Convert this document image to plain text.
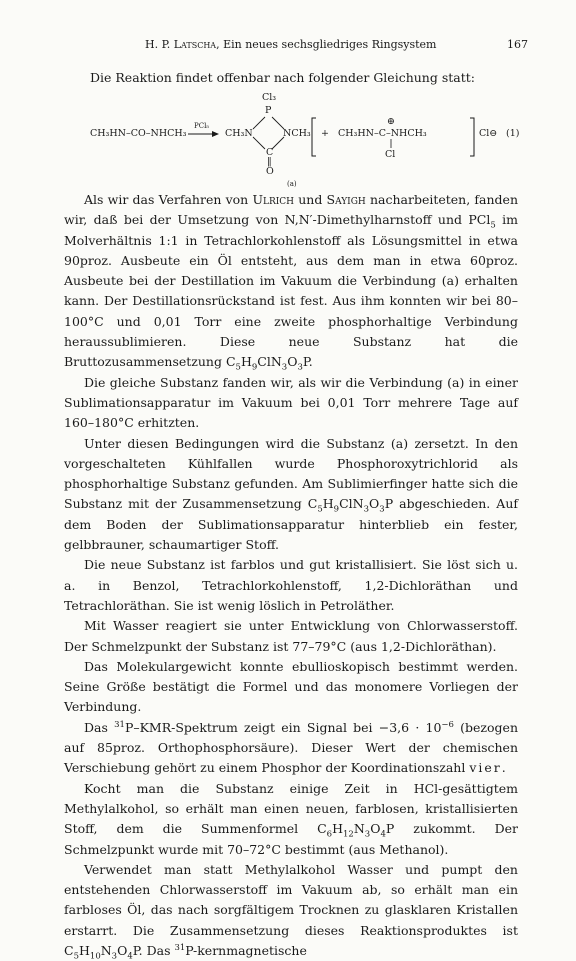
H. P. Latscha, Ein neues sechsgliedriges Ringsystem	167
Die Reaktion findet offenbar nach folgender Gleichung statt:
CH₃HN–CO–NHCH₃
PCl₅
Cl₃
P
CH₃N	NCH₃
C
‖
O
(a)
+
⊕
CH₃HN–C–NHCH₃
Cl
Cl⊖ (1)

Als wir das Verfahren von Ulrich und Sayigh nacharbeiteten, fanden wir, daß bei der Umsetzung von N,N′-Dimethylharnstoff und PCl$_5$ im Molverhältnis 1:1 in Tetrachlorkohlenstoff als Lösungsmittel in etwa 90proz. Ausbeute ein Öl entsteht, aus dem man in etwa 60proz. Ausbeute bei der Destillation im Vakuum die Verbindung (a) erhalten kann. Der Destillationsrückstand ist fest. Aus ihm konnten wir bei 80–100°C und 0,01 Torr eine zweite phosphorhaltige Verbindung heraussublimieren. Diese neue Substanz hat die Bruttozusammensetzung $C_5H_9ClN_3O_3P$.

Die gleiche Substanz fanden wir, als wir die Verbindung (a) in einer Sublimationsapparatur im Vakuum bei 0,01 Torr mehrere Tage auf 160–180°C erhitzten.

Unter diesen Bedingungen wird die Substanz (a) zersetzt. In den vorgeschalteten Kühlfallen wurde Phosphoroxytrichlorid als phosphorhaltige Substanz gefunden. Am Sublimierfinger hatte sich die Substanz mit der Zusammensetzung $C_5H_9ClN_3O_3P$ abgeschieden. Auf dem Boden der Sublimationsapparatur hinterblieb ein fester, gelbbrauner, schaumartiger Stoff.

Die neue Substanz ist farblos und gut kristallisiert. Sie löst sich u. a. in Benzol, Tetrachlorkohlenstoff, 1,2-Dichloräthan und Tetrachloräthan. Sie ist wenig löslich in Petroläther.

Mit Wasser reagiert sie unter Entwicklung von Chlorwasserstoff. Der Schmelzpunkt der Substanz ist 77–79°C (aus 1,2-Dichloräthan).

Das Molekulargewicht konnte ebullioskopisch bestimmt werden. Seine Größe bestätigt die Formel und das monomere Vorliegen der Verbindung.

Das $^{31}$P–KMR-Spektrum zeigt ein Signal bei $-3,6 \cdot 10^{-6}$ (bezogen auf 85proz. Orthophosphorsäure). Dieser Wert der chemischen Verschiebung gehört zu einem Phosphor der Koordinationszahl vier.

Kocht man die Substanz einige Zeit in HCl-gesättigtem Methylalkohol, so erhält man einen neuen, farblosen, kristallisierten Stoff, dem die Summenformel $C_6H_{12}N_3O_4P$ zukommt. Der Schmelzpunkt wurde mit 70–72°C bestimmt (aus Methanol).

Verwendet man statt Methylalkohol Wasser und pumpt den entstehenden Chlorwasserstoff im Vakuum ab, so erhält man ein farbloses Öl, das nach sorgfältigem Trocknen zu glasklaren Kristallen erstarrt. Die Zusammensetzung dieses Reaktionsproduktes ist $C_5H_{10}N_3O_4P$. Das $^{31}$P-kernmagnetische
